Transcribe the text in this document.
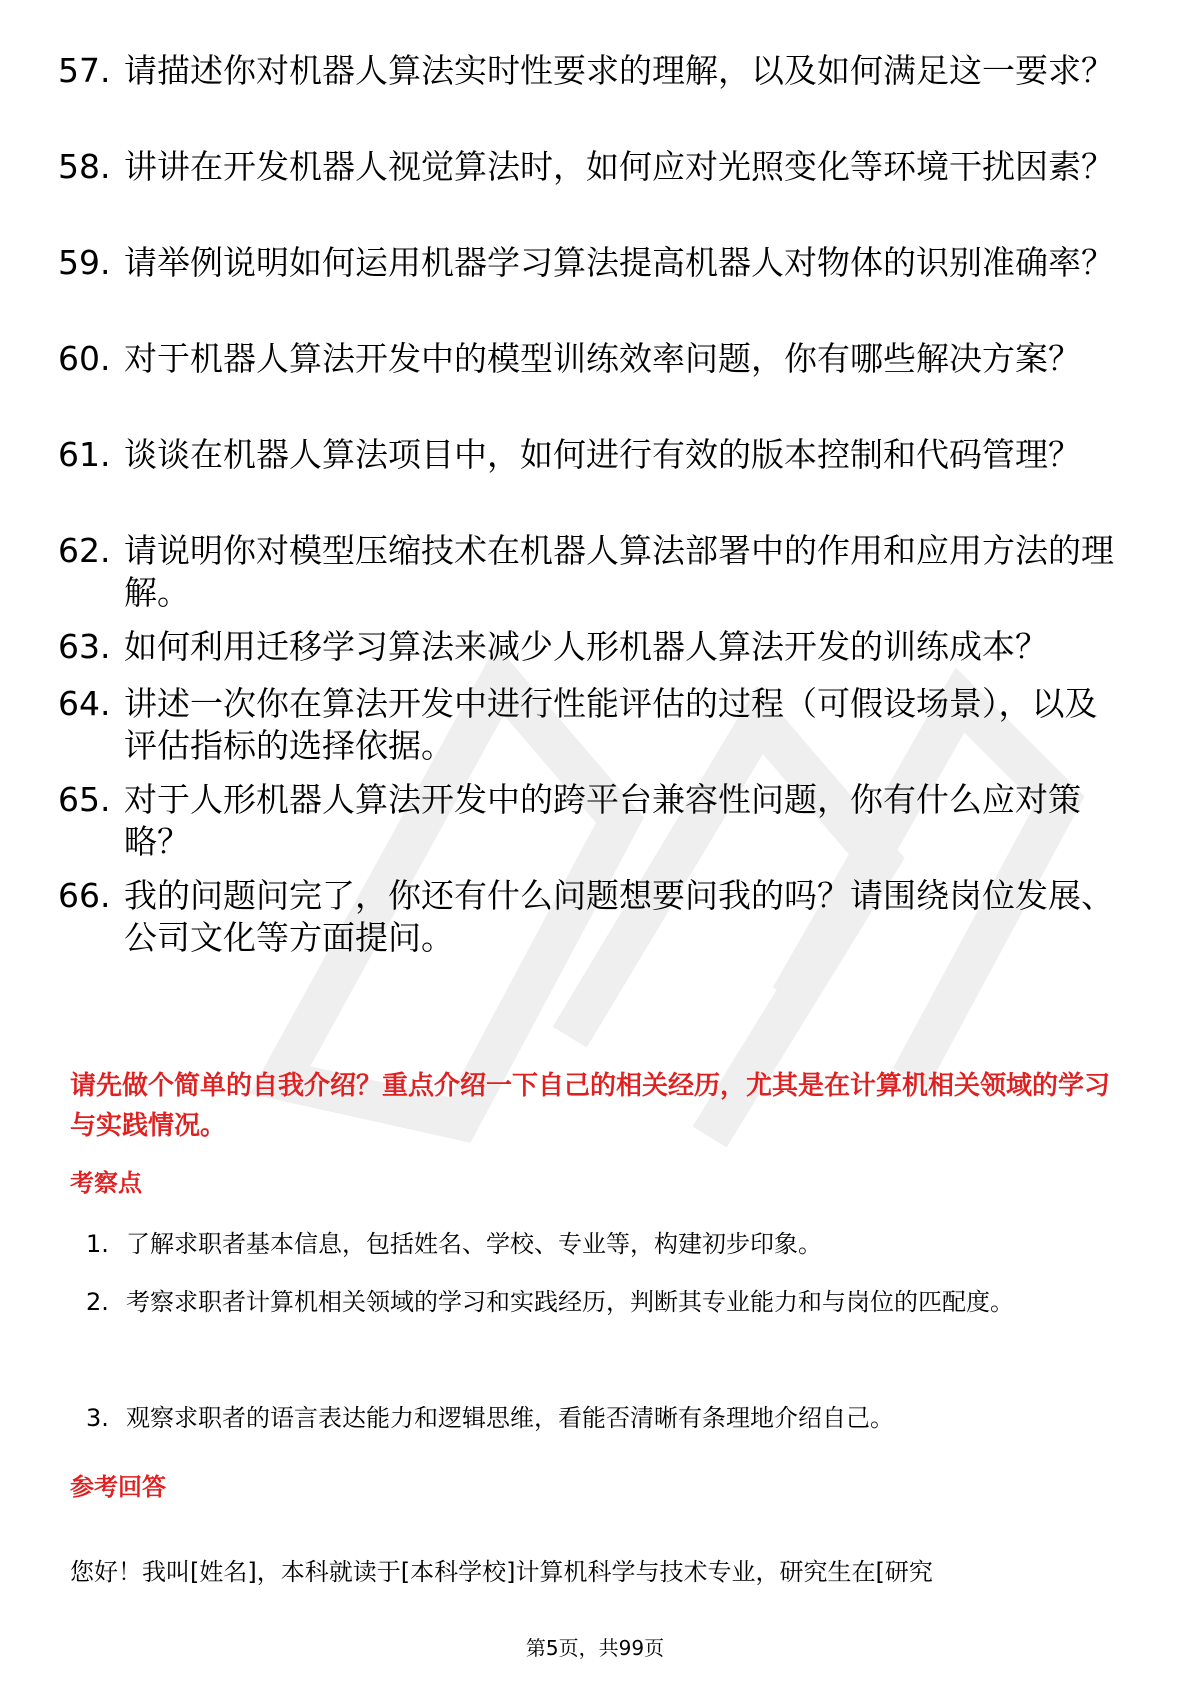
57. 请描述你对机器人算法实时性要求的理解，以及如何满足这一要求？
58. 讲讲在开发机器人视觉算法时，如何应对光照变化等环境干扰因素？
59. 请举例说明如何运用机器学习算法提高机器人对物体的识别准确率？
60. 对于机器人算法开发中的模型训练效率问题，你有哪些解决方案？
61. 谈谈在机器人算法项目中，如何进行有效的版本控制和代码管理？
62. 请说明你对模型压缩技术在机器人算法部署中的作用和应用方法的理解。
63. 如何利用迁移学习算法来减少人形机器人算法开发的训练成本？
64. 讲述一次你在算法开发中进行性能评估的过程（可假设场景），以及评估指标的选择依据。
65. 对于人形机器人算法开发中的跨平台兼容性问题，你有什么应对策略？
66. 我的问题问完了，你还有什么问题想要问我的吗？请围绕岗位发展、公司文化等方面提问。
请先做个简单的自我介绍？重点介绍一下自己的相关经历，尤其是在计算机相关领域的学习与实践情况。
考察点
1. 了解求职者基本信息，包括姓名、学校、专业等，构建初步印象。
2. 考察求职者计算机相关领域的学习和实践经历，判断其专业能力和与岗位的匹配度。
3. 观察求职者的语言表达能力和逻辑思维，看能否清晰有条理地介绍自己。
参考回答
您好！我叫[姓名]，本科就读于[本科学校]计算机科学与技术专业，研究生在[研究
第5页，共99页
